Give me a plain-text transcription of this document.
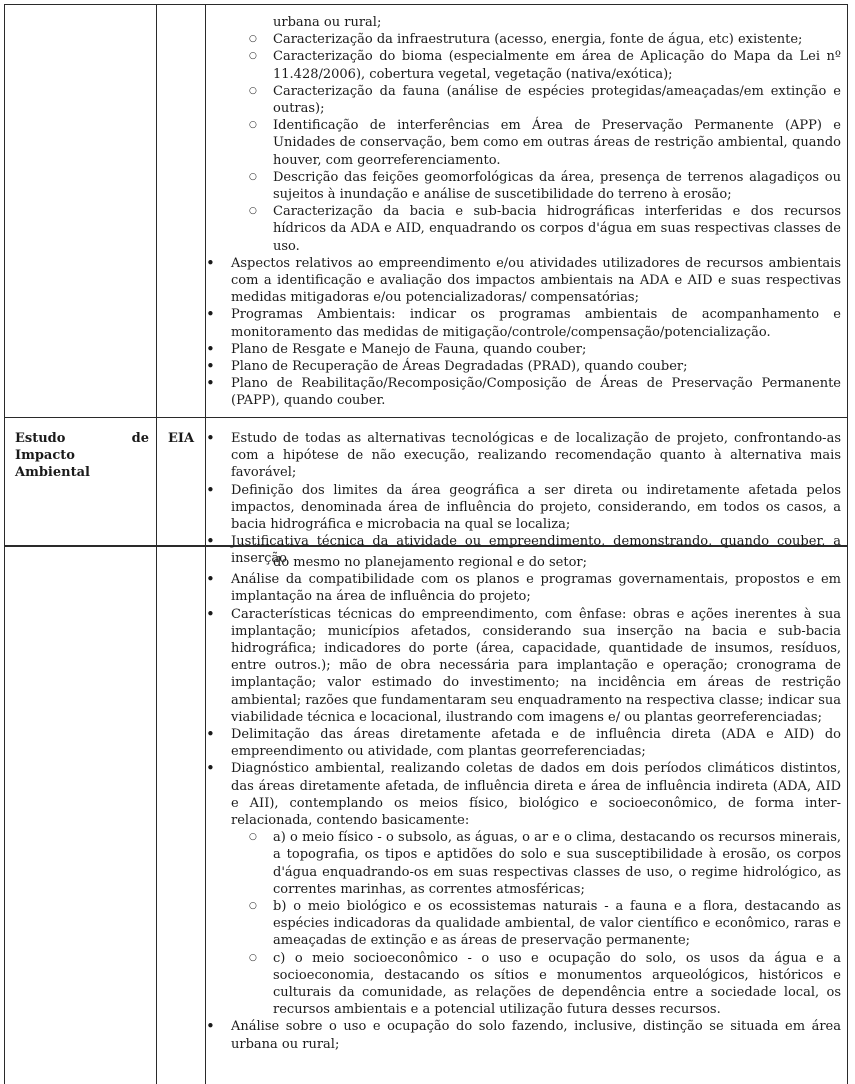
urbana ou rural;
○ Caracterização da infraestrutura (acesso, energia, fonte de água, etc) existente;
○ Caracterização do bioma (especialmente em área de Aplicação do Mapa da Lei nº 11.428/2006), cobertura vegetal, vegetação (nativa/exótica);
○ Caracterização da fauna (análise de espécies protegidas/ameaçadas/em extinção e outras);
○ Identificação de interferências em Área de Preservação Permanente (APP) e Unidades de conservação, bem como em outras áreas de restrição ambiental, quando houver, com georreferenciamento.
○ Descrição das feições geomorfológicas da área, presença de terrenos alagadiços ou sujeitos à inundação e análise de suscetibilidade do terreno à erosão;
○ Caracterização da bacia e sub-bacia hidrográficas interferidas e dos recursos hídricos da ADA e AID, enquadrando os corpos d'água em suas respectivas classes de uso.
• Aspectos relativos ao empreendimento e/ou atividades utilizadores de recursos ambientais com a identificação e avaliação dos impactos ambientais na ADA e AID e suas respectivas medidas mitigadoras e/ou potencializadoras/ compensatórias;
• Programas Ambientais: indicar os programas ambientais de acompanhamento e monitoramento das medidas de mitigação/controle/compensação/potencialização.
• Plano de Resgate e Manejo de Fauna, quando couber;
• Plano de Recuperação de Áreas Degradadas (PRAD), quando couber;
• Plano de Reabilitação/Recomposição/Composição de Áreas de Preservação Permanente (PAPP), quando couber.
Estudo de Impacto Ambiental
EIA
•	Estudo de todas as alternativas tecnológicas e de localização de projeto, confrontando-as com a hipótese de não execução, realizando recomendação quanto à alternativa mais favorável;
• Definição dos limites da área geográfica a ser direta ou indiretamente afetada pelos impactos, denominada área de influência do projeto, considerando, em todos os casos, a bacia hidrográfica e microbacia na qual se localiza;
• Justificativa técnica da atividade ou empreendimento, demonstrando, quando couber, a inserção
do mesmo no planejamento regional e do setor;
• Análise da compatibilidade com os planos e programas governamentais, propostos e em implantação na área de influência do projeto;
• Características técnicas do empreendimento, com ênfase: obras e ações inerentes à sua implantação; municípios afetados, considerando sua inserção na bacia e sub-bacia hidrográfica; indicadores do porte (área, capacidade, quantidade de insumos, resíduos, entre outros.); mão de obra necessária para implantação e operação; cronograma de implantação; valor estimado do investimento; na incidência em áreas de restrição ambiental; razões que fundamentaram seu enquadramento na respectiva classe; indicar sua viabilidade técnica e locacional, ilustrando com imagens e/ ou plantas georreferenciadas;
• Delimitação das áreas diretamente afetada e de influência direta (ADA e AID) do empreendimento ou atividade, com plantas georreferenciadas;
• Diagnóstico ambiental, realizando coletas de dados em dois períodos climáticos distintos, das áreas diretamente afetada, de influência direta e área de influência indireta (ADA, AID e AII), contemplando os meios físico, biológico e socioeconômico, de forma inter-relacionada, contendo basicamente:
○ a) o meio físico - o subsolo, as águas, o ar e o clima, destacando os recursos minerais, a topografia, os tipos e aptidões do solo e sua susceptibilidade à erosão, os corpos d'água enquadrando-os em suas respectivas classes de uso, o regime hidrológico, as correntes marinhas, as correntes atmosféricas;
○ b) o meio biológico e os ecossistemas naturais - a fauna e a flora, destacando as espécies indicadoras da qualidade ambiental, de valor científico e econômico, raras e ameaçadas de extinção e as áreas de preservação permanente;
○ c) o meio socioeconômico - o uso e ocupação do solo, os usos da água e a socioeconomia, destacando os sítios e monumentos arqueológicos, históricos e culturais da comunidade, as relações de dependência entre a sociedade local, os recursos ambientais e a potencial utilização futura desses recursos.
• Análise sobre o uso e ocupação do solo fazendo, inclusive, distinção se situada em área urbana ou rural;
